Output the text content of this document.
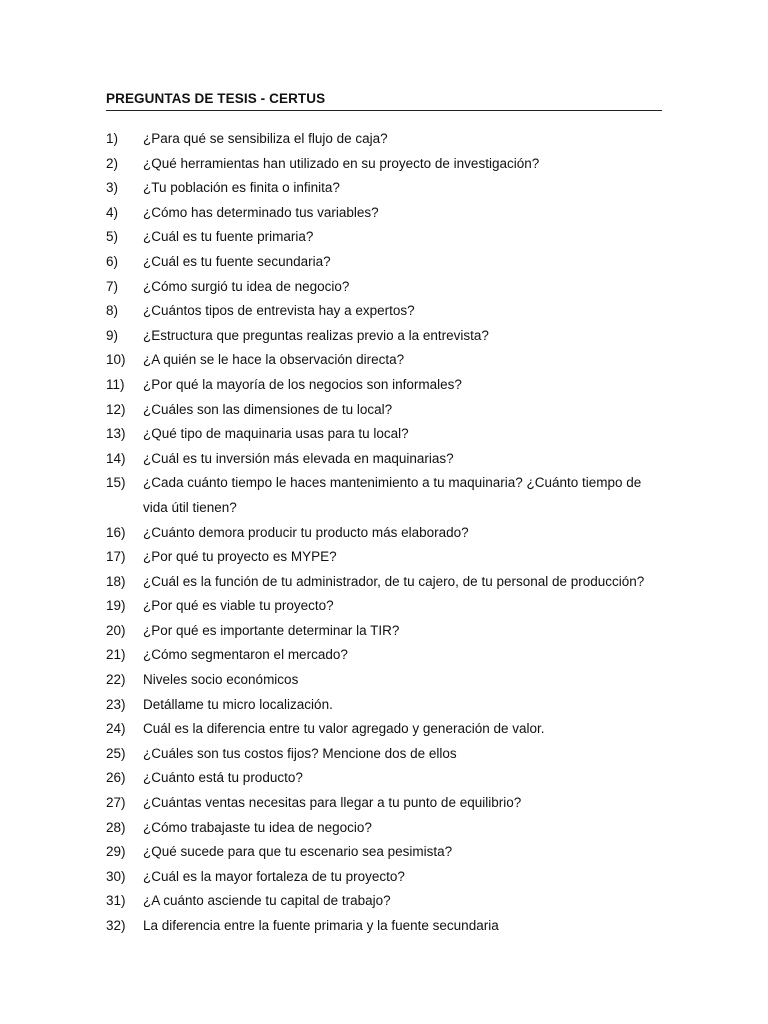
PREGUNTAS DE TESIS - CERTUS
1)	¿Para qué se sensibiliza el flujo de caja?
2)	¿Qué herramientas han utilizado en su proyecto de investigación?
3)	¿Tu población es finita o infinita?
4)	¿Cómo has determinado tus variables?
5)	¿Cuál es tu fuente primaria?
6)	¿Cuál es tu fuente secundaria?
7)	¿Cómo surgió tu idea de negocio?
8)	¿Cuántos tipos de entrevista hay a expertos?
9)	¿Estructura que preguntas realizas previo a la entrevista?
10)	¿A quién se le hace la observación directa?
11)	¿Por qué la mayoría de los negocios son informales?
12)	¿Cuáles son las dimensiones de tu local?
13)	¿Qué tipo de maquinaria usas para tu local?
14)	¿Cuál es tu inversión más elevada en maquinarias?
15)	¿Cada cuánto tiempo le haces mantenimiento a tu maquinaria? ¿Cuánto tiempo de vida útil tienen?
16)	¿Cuánto demora producir tu producto más elaborado?
17)	¿Por qué tu proyecto es MYPE?
18)	¿Cuál es la función de tu administrador, de tu cajero, de tu personal de producción?
19)	¿Por qué es viable tu proyecto?
20)	¿Por qué es importante determinar la TIR?
21)	¿Cómo segmentaron el mercado?
22)	Niveles socio económicos
23)	Detállame tu micro localización.
24)	Cuál es la diferencia entre tu valor agregado y generación de valor.
25)	¿Cuáles son tus costos fijos? Mencione dos de ellos
26)	¿Cuánto está tu producto?
27)	¿Cuántas ventas necesitas para llegar a tu punto de equilibrio?
28)	¿Cómo trabajaste tu idea de negocio?
29)	¿Qué sucede para que tu escenario sea pesimista?
30)	¿Cuál es la mayor fortaleza de tu proyecto?
31)	¿A cuánto asciende tu capital de trabajo?
32)	La diferencia entre la fuente primaria y la fuente secundaria
